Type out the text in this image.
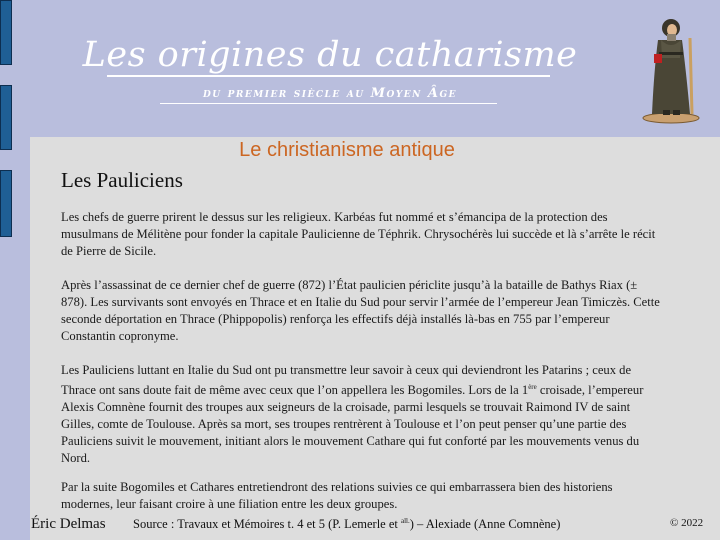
Les origines du catharisme
du premier siècle au Moyen Âge
Le christianisme antique
Les Pauliciens

Les chefs de guerre prirent le dessus sur les religieux. Karbéas fut nommé et s’émancipa de la protection des musulmans de Mélitène pour fonder la capitale Paulicienne de Téphrik. Chrysochérès lui succède et là s’arrête le récit de Pierre de Sicile.

Après l’assassinat de ce dernier chef de guerre (872) l’État paulicien périclite jusqu’à la bataille de Bathys Riax (± 878). Les survivants sont envoyés en Thrace et en Italie du Sud pour servir l’armée de l’empereur Jean Timiczès. Cette seconde déportation en Thrace (Phippopolis) renforça les effectifs déjà installés là-bas en 755 par l’empereur Constantin copronyme.

Les Pauliciens luttant en Italie du Sud ont pu transmettre leur savoir à ceux qui deviendront les Patarins ; ceux de Thrace ont sans doute fait de même avec ceux que l’on appellera les Bogomiles. Lors de la 1ère croisade, l’empereur Alexis Comnène fournit des troupes aux seigneurs de la croisade, parmi lesquels se trouvait Raimond IV de saint Gilles, comte de Toulouse. Après sa mort, ses troupes rentrèrent à Toulouse et l’on peut penser qu’une partie des Pauliciens suivit le mouvement, initiant alors le mouvement Cathare qui fut conforté par les mouvements venus du Nord.

Par la suite Bogomiles et Cathares entretiendront des relations suivies ce qui embarrassera bien des historiens modernes, leur faisant croire à une filiation entre les deux groupes.

Éric Delmas Source : Travaux et Mémoires t. 4 et 5 (P. Lemerle et $^{all.}$) – Alexiade (Anne Comnène)	© 2022
